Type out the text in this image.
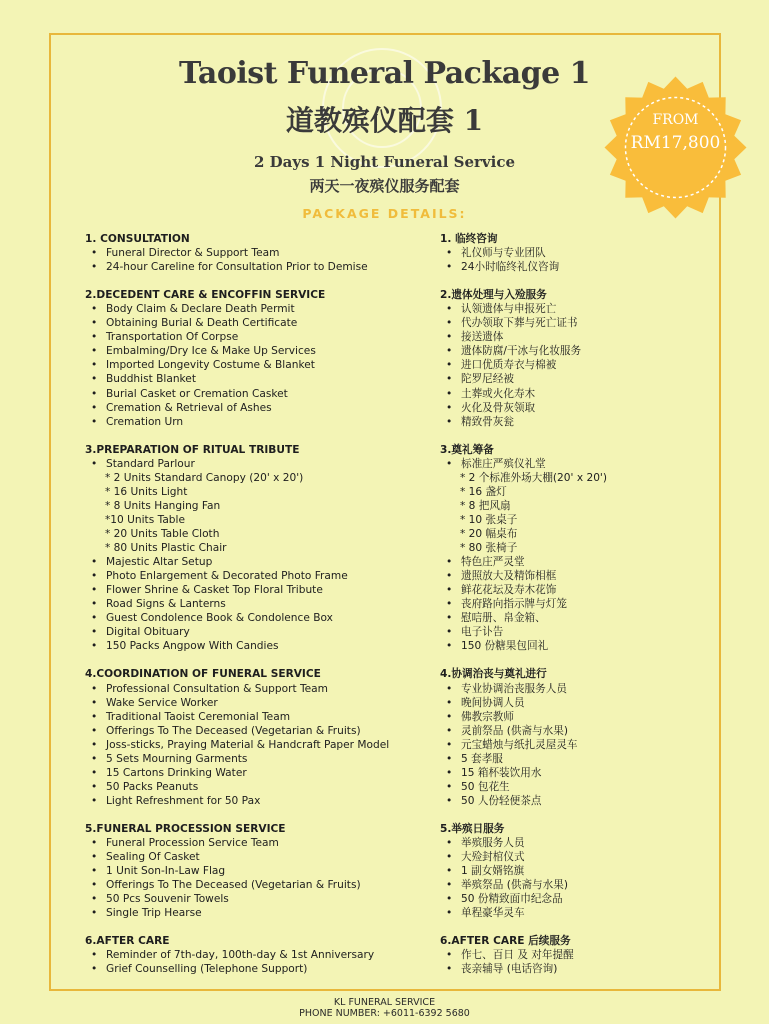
Taoist Funeral Package 1
道教殡仪配套 1
2 Days 1 Night Funeral Service
两天一夜殡仪服务配套
PACKAGE DETAILS:
FROM
RM17,800
1. CONSULTATION
• Funeral Director & Support Team
• 24-hour Careline for Consultation Prior to Demise
2.DECEDENT CARE & ENCOFFIN SERVICE
• Body Claim & Declare Death Permit
• Obtaining Burial & Death Certificate
• Transportation Of Corpse
• Embalming/Dry Ice & Make Up Services
• Imported Longevity Costume & Blanket
• Buddhist Blanket
• Burial Casket or Cremation Casket
• Cremation & Retrieval of Ashes
• Cremation Urn
3.PREPARATION OF RITUAL TRIBUTE
• Standard Parlour
* 2 Units Standard Canopy (20' x 20')
* 16 Units Light
* 8 Units Hanging Fan
*10 Units Table
* 20 Units Table Cloth
* 80 Units Plastic Chair
• Majestic Altar Setup
• Photo Enlargement & Decorated Photo Frame
• Flower Shrine & Casket Top Floral Tribute
• Road Signs & Lanterns
• Guest Condolence Book & Condolence Box
• Digital Obituary
• 150 Packs Angpow With Candies
4.COORDINATION OF FUNERAL SERVICE
• Professional Consultation & Support Team
• Wake Service Worker
• Traditional Taoist Ceremonial Team
• Offerings To The Deceased (Vegetarian & Fruits)
• Joss-sticks, Praying Material & Handcraft Paper Model
• 5 Sets Mourning Garments
• 15 Cartons Drinking Water
• 50 Packs Peanuts
• Light Refreshment for 50 Pax
5.FUNERAL PROCESSION SERVICE
• Funeral Procession Service Team
• Sealing Of Casket
• 1 Unit Son-In-Law Flag
• Offerings To The Deceased (Vegetarian & Fruits)
• 50 Pcs Souvenir Towels
• Single Trip Hearse
6.AFTER CARE
• Reminder of 7th-day, 100th-day & 1st Anniversary
• Grief Counselling (Telephone Support)
1. 临终咨询
• 礼仪师与专业团队
• 24小时临终礼仪咨询
2.遗体处理与入殓服务
• 认领遗体与申报死亡
• 代办领取下葬与死亡证书
• 接送遗体
• 遗体防腐/干冰与化妆服务
• 进口优质寿衣与棉被
• 陀罗尼经被
• 土葬或火化寿木
• 火化及骨灰领取
• 精致骨灰瓮
3.奠礼筹备
• 标准庄严殡仪礼堂
* 2 个标准外场大棚(20' x 20')
* 16 盏灯
* 8 把风扇
* 10 张桌子
* 20 幅桌布
* 80 张椅子
• 特色庄严灵堂
• 遗照放大及精饰相框
• 鲜花花坛及寿木花饰
• 丧府路向指示牌与灯笼
• 慰唁册、帛金箱、
• 电子讣告
• 150 份糖果包回礼
4.协调治丧与奠礼进行
• 专业协调治丧服务人员
• 晚间协调人员
• 佛教宗教师
• 灵前祭品 (供斋与水果)
• 元宝蜡烛与纸扎灵屋灵车
• 5 套孝服
• 15 箱杯装饮用水
• 50 包花生
• 50 人份轻便茶点
5.举殡日服务
• 举殡服务人员
• 大殓封棺仪式
• 1 副女婿铭旗
• 举殡祭品 (供斋与水果)
• 50 份精致面巾纪念品
• 单程豪华灵车
6.AFTER CARE 后续服务
• 作七、百日 及 对年提醒
• 丧亲辅导 (电话咨询)
KL FUNERAL SERVICE
PHONE NUMBER: +6011-6392 5680
